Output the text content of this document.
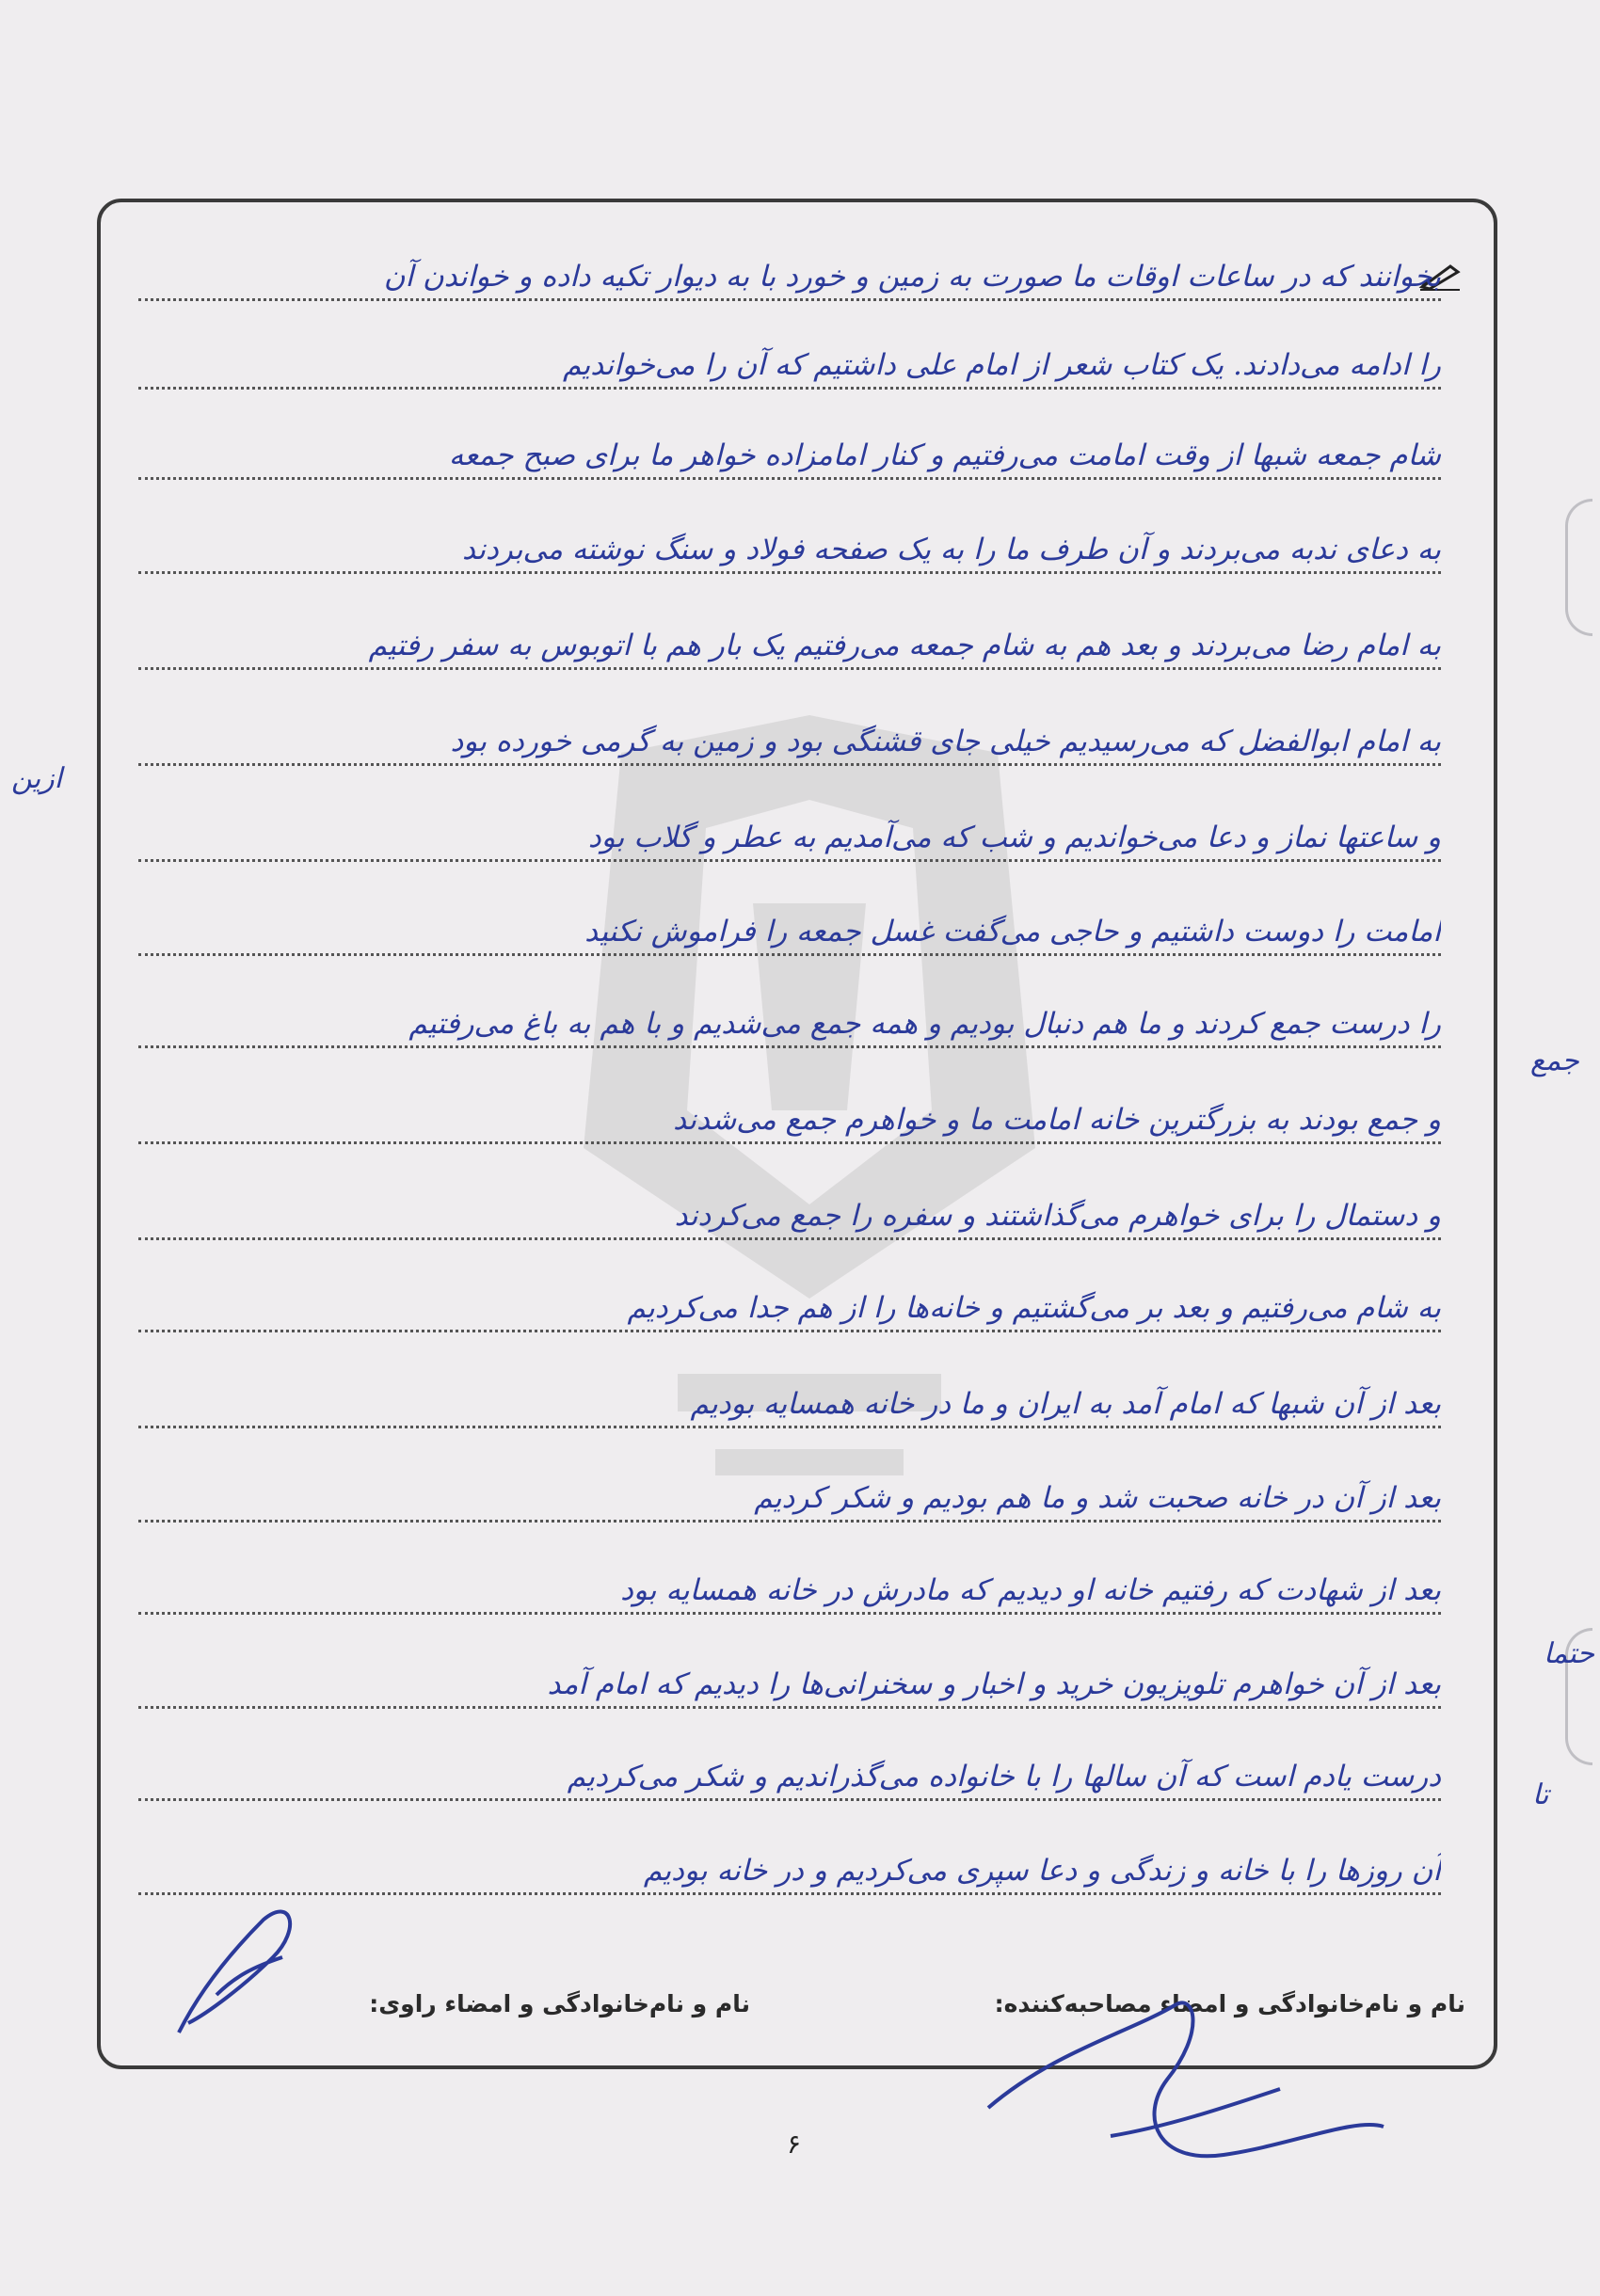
ازین
تا
جمع
حتما
بخوانند که در ساعات اوقات ما صورت به زمین و خورد با به دیوار تکیه داده و خواندن آن
را ادامه می‌دادند. یک کتاب شعر از امام علی داشتیم که آن را می‌خواندیم
شام جمعه شبها از وقت امامت می‌رفتیم و کنار امامزاده خواهر ما برای صبح جمعه
به دعای ندبه می‌بردند و آن طرف ما را به یک صفحه فولاد و سنگ نوشته می‌بردند
به امام رضا می‌بردند و بعد هم به شام جمعه می‌رفتیم یک بار هم با اتوبوس به سفر رفتیم
به امام ابوالفضل که می‌رسیدیم خیلی جای قشنگی بود و زمین به گرمی خورده بود
و ساعتها نماز و دعا می‌خواندیم و شب که می‌آمدیم به عطر و گلاب بود
امامت را دوست داشتیم و حاجی می‌گفت غسل جمعه را فراموش نکنید
را درست جمع کردند و ما هم دنبال بودیم و همه جمع می‌شدیم و با هم به باغ می‌رفتیم
و جمع بودند به بزرگترین خانه امامت ما و خواهرم جمع می‌شدند
و دستمال را برای خواهرم می‌گذاشتند و سفره را جمع می‌کردند
به شام می‌رفتیم و بعد بر می‌گشتیم و خانه‌ها را از هم جدا می‌کردیم
بعد از آن شبها که امام آمد به ایران و ما در خانه همسایه بودیم
بعد از آن در خانه صحبت شد و ما هم بودیم و شکر کردیم
بعد از شهادت که رفتیم خانه او دیدیم که مادرش در خانه همسایه بود
بعد از آن خواهرم تلویزیون خرید و اخبار و سخنرانی‌ها را دیدیم که امام آمد
درست یادم است که آن سالها را با خانواده می‌گذراندیم و شکر می‌کردیم
آن روزها را با خانه و زندگی و دعا سپری می‌کردیم و در خانه بودیم
نام و نام‌خانوادگی و امضاء مصاحبه‌کننده:
نام و نام‌خانوادگی و امضاء راوی:
۶
